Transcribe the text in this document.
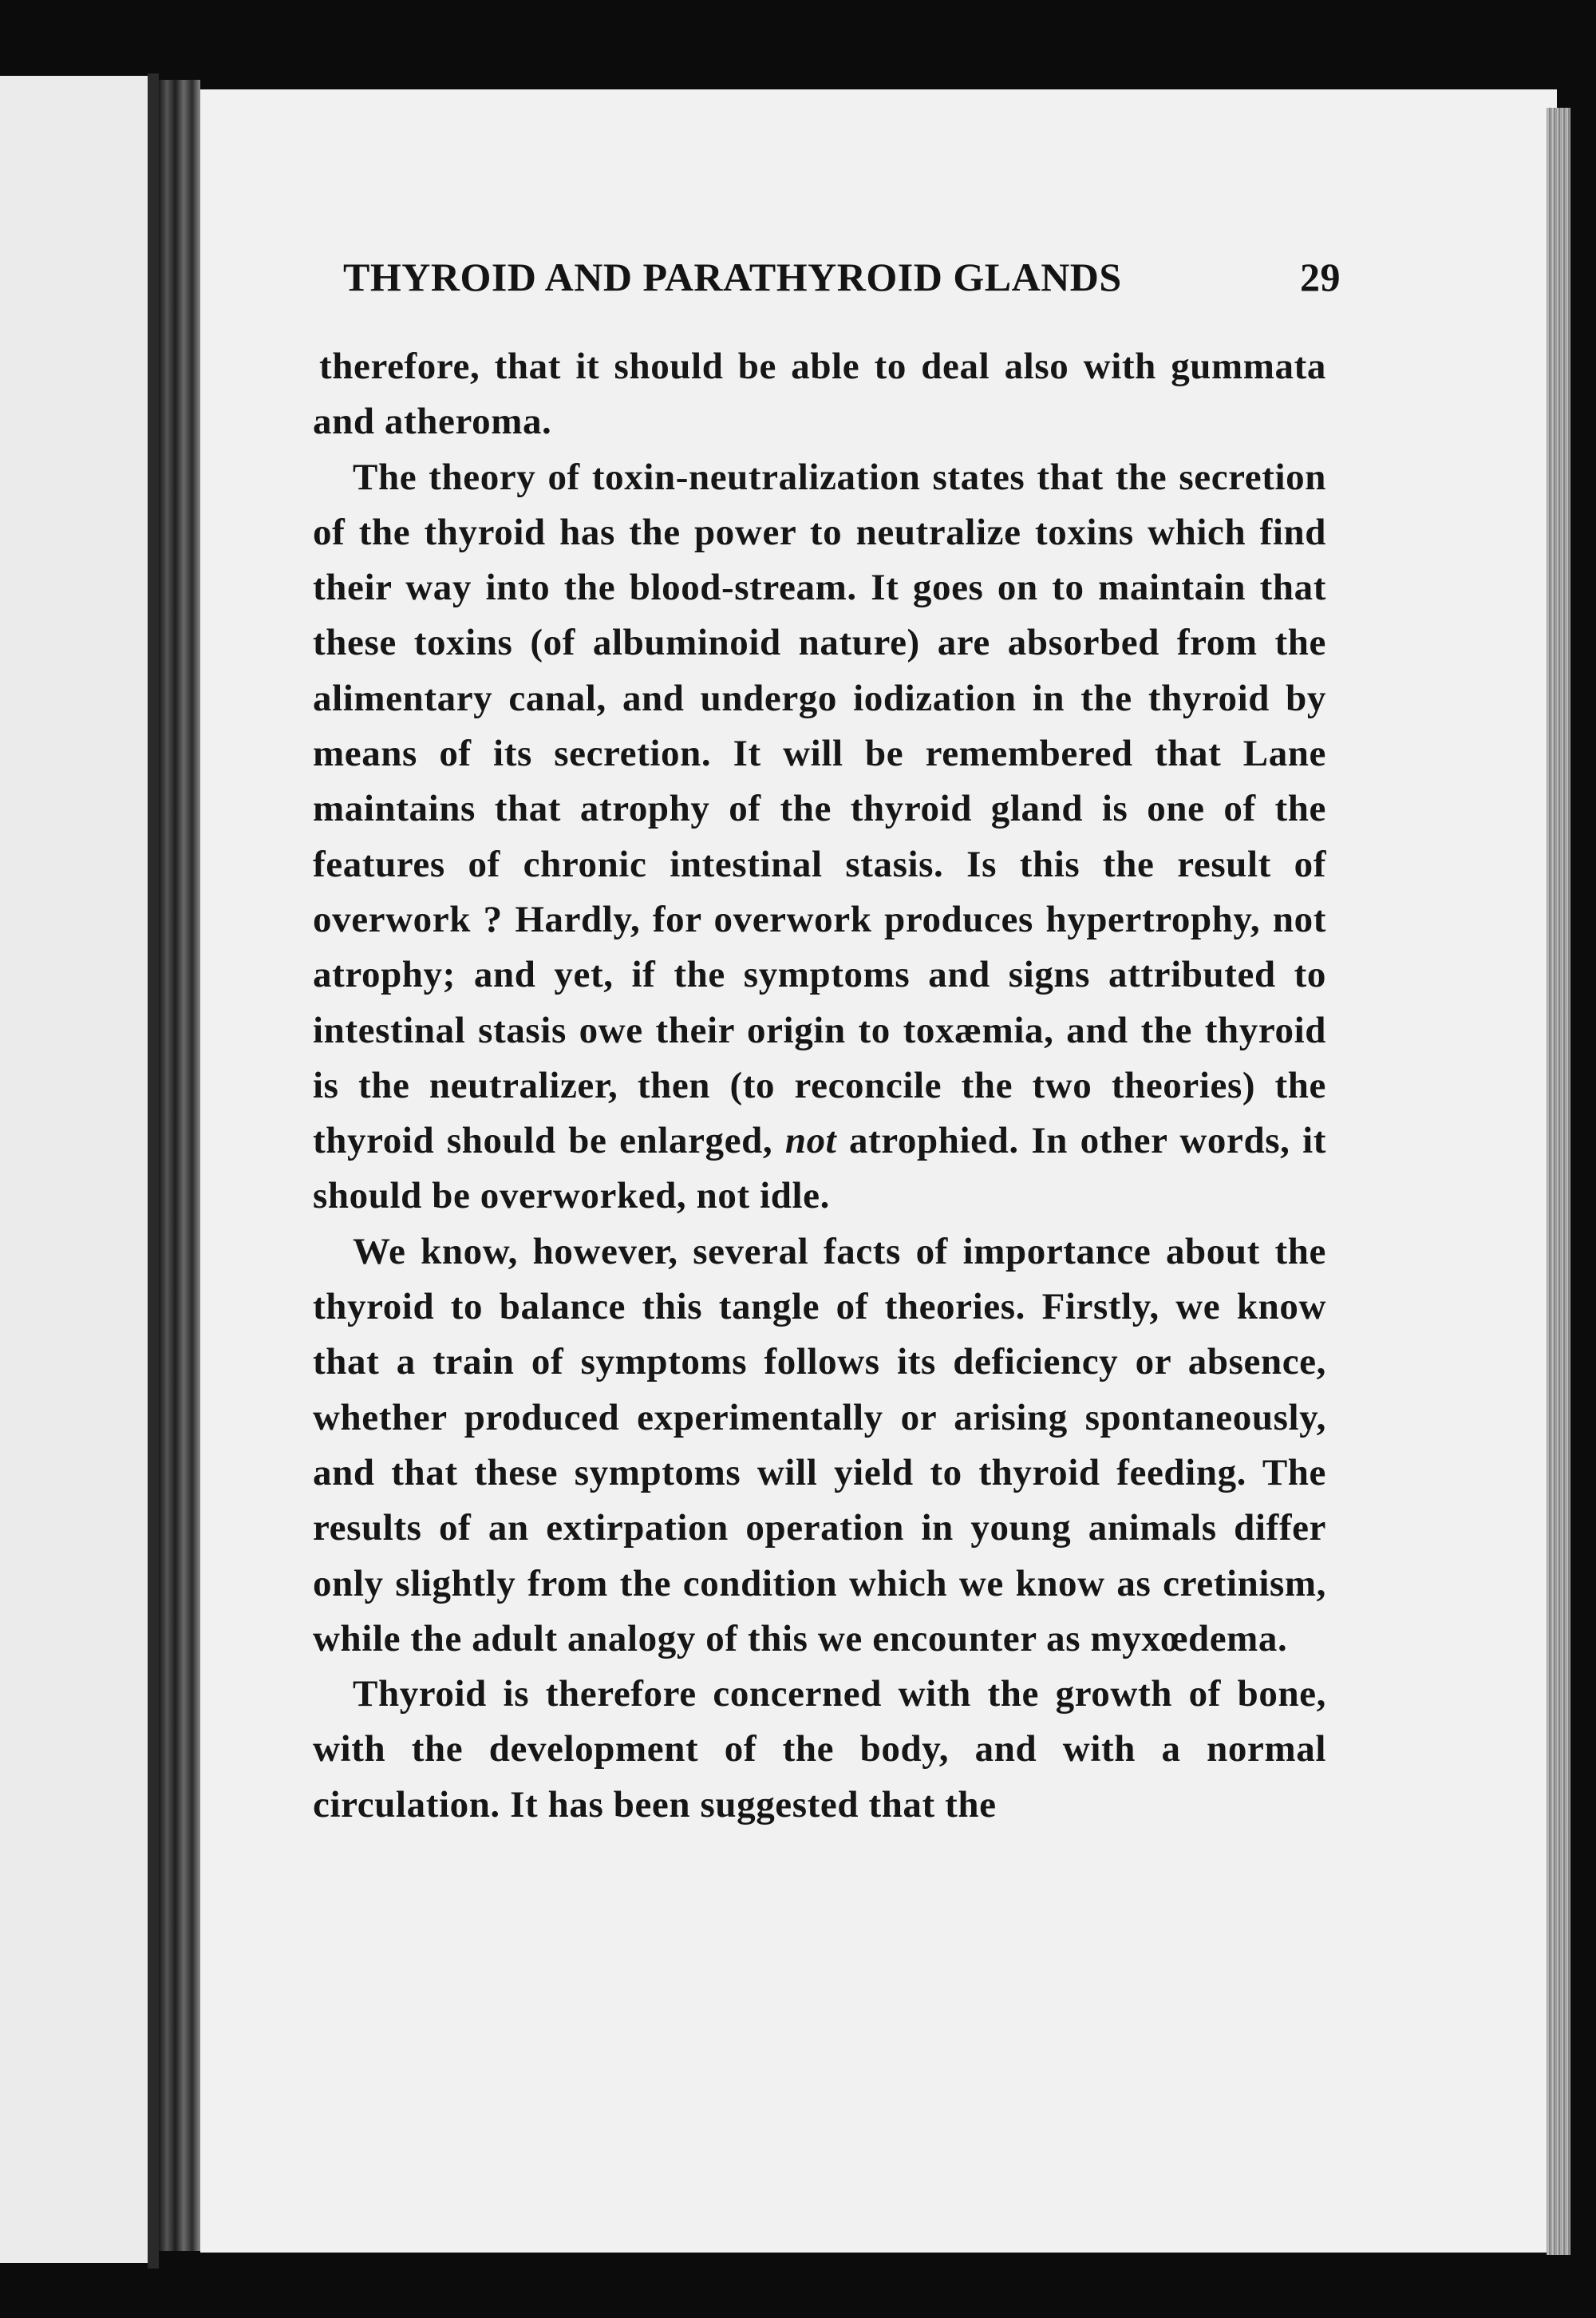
THYROID AND PARATHYROID GLANDS	29

therefore, that it should be able to deal also with gummata and atheroma.

The theory of toxin-neutralization states that the secretion of the thyroid has the power to neutralize toxins which find their way into the blood-stream. It goes on to maintain that these toxins (of albuminoid nature) are absorbed from the alimentary canal, and undergo iodization in the thyroid by means of its secretion. It will be remembered that Lane maintains that atrophy of the thyroid gland is one of the features of chronic intestinal stasis. Is this the result of overwork ? Hardly, for overwork produces hypertrophy, not atrophy; and yet, if the symptoms and signs attributed to intestinal stasis owe their origin to toxæmia, and the thyroid is the neutralizer, then (to reconcile the two theories) the thyroid should be enlarged, not atrophied. In other words, it should be overworked, not idle.

We know, however, several facts of importance about the thyroid to balance this tangle of theories. Firstly, we know that a train of symptoms follows its deficiency or absence, whether produced experimentally or arising spontaneously, and that these symptoms will yield to thyroid feeding. The results of an extirpation operation in young animals differ only slightly from the condition which we know as cretinism, while the adult analogy of this we encounter as myxœdema.

Thyroid is therefore concerned with the growth of bone, with the development of the body, and with a normal circulation. It has been suggested that the
